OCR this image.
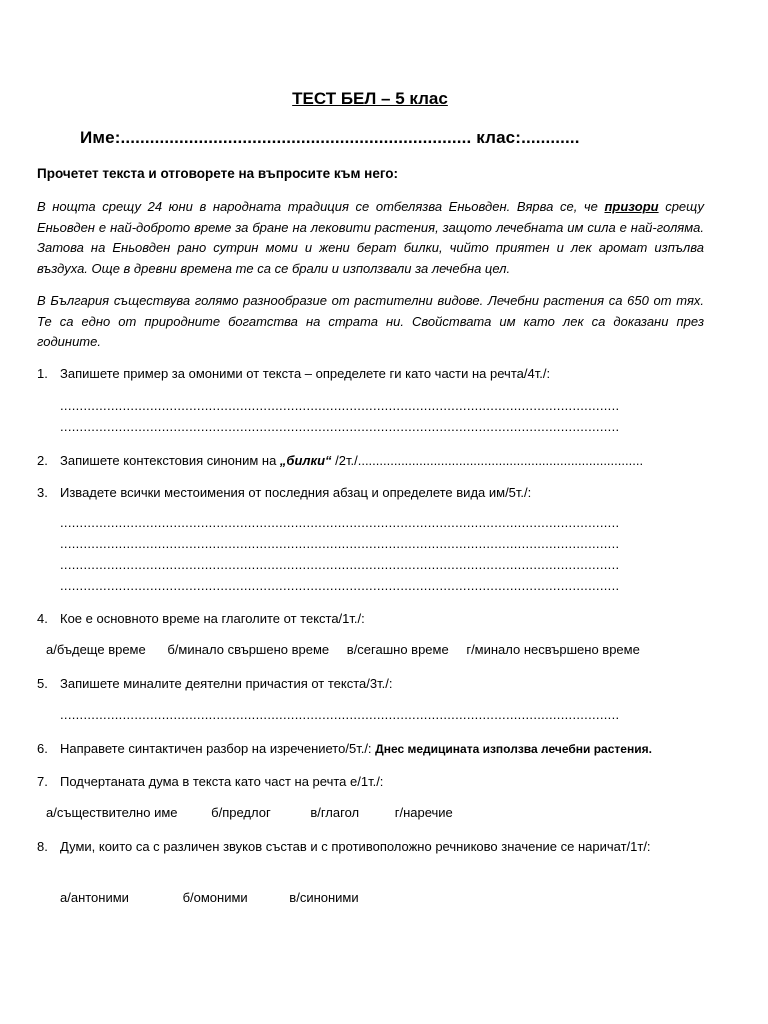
ТЕСТ БЕЛ – 5 клас
Име:........................................................................ клас:............
Прочетет текста и отговорете на въпросите към него:
В нощта срещу 24 юни в народната традиция се отбелязва Еньовден. Вярва се, че призори срещу Еньовден е най-доброто време за бране на лековити растения, защото лечебната им сила е най-голяма. Затова на Еньовден рано сутрин моми и жени берат билки, чийто приятен и лек аромат изпълва въздуха. Още в древни времена те са се брали и използвали за лечебна цел.
В България съществува голямо разнообразие от растителни видове. Лечебни растения са 650 от тях. Те са едно от природните богатства на страта ни. Свойствата им като лек са доказани през годините.
1. Запишете пример за омоними от текста – определете ги като части на речта/4т./:
...............................................................................................................................................
...............................................................................................................................................
2. Запишете контекстовия синоним на „билки“ /2т./...............................................................................
3. Извадете всички местоимения от последния абзац и определете вида им/5т./:
...............................................................................................................................................
...............................................................................................................................................
...............................................................................................................................................
...............................................................................................................................................
4. Кое е основното време на глаголите от текста/1т./:
а/бъдеще време б/минало свършено време в/сегашно време г/минало несвършено време
5. Запишете миналите деятелни причастия от текста/3т./:
...............................................................................................................................................
6. Направете синтактичен разбор на изречението/5т./: Днес медицината използва лечебни растения.
7. Подчертаната дума в текста като част на речта е/1т./:
а/съществително име	б/предлог	в/глагол	г/наречие
8. Думи, които са с различен звуков състав и с противоположно речниково значение се наричат/1т/:
а/антоними	б/омоними	в/синоними
